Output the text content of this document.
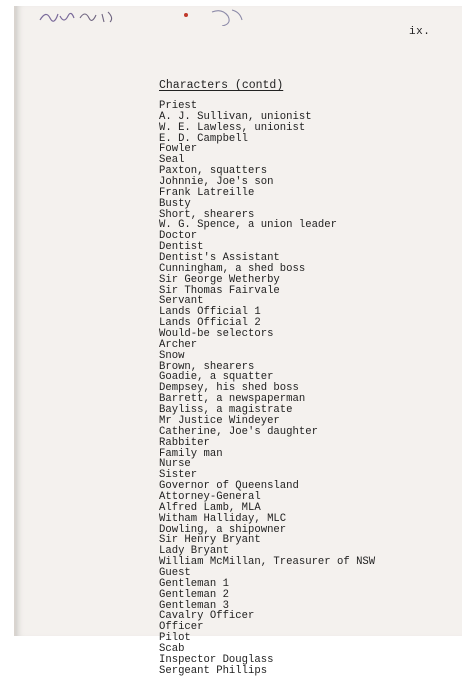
ix.
Characters (contd)
Priest
A. J. Sullivan, unionist
W. E. Lawless, unionist
E. D. Campbell
Fowler
Seal
Paxton, squatters
Johnnie, Joe's son
Frank Latreille
Busty
Short, shearers
W. G. Spence, a union leader
Doctor
Dentist
Dentist's Assistant
Cunningham, a shed boss
Sir George Wetherby
Sir Thomas Fairvale
Servant
Lands Official 1
Lands Official 2
Would-be selectors
Archer
Snow
Brown, shearers
Goadie, a squatter
Dempsey, his shed boss
Barrett, a newspaperman
Bayliss, a magistrate
Mr Justice Windeyer
Catherine, Joe's daughter
Rabbiter
Family man
Nurse
Sister
Governor of Queensland
Attorney-General
Alfred Lamb, MLA
Witham Halliday, MLC
Dowling, a shipowner
Sir Henry Bryant
Lady Bryant
William McMillan, Treasurer of NSW
Guest
Gentleman 1
Gentleman 2
Gentleman 3
Cavalry Officer
Officer
Pilot
Scab
Inspector Douglass
Sergeant Phillips
